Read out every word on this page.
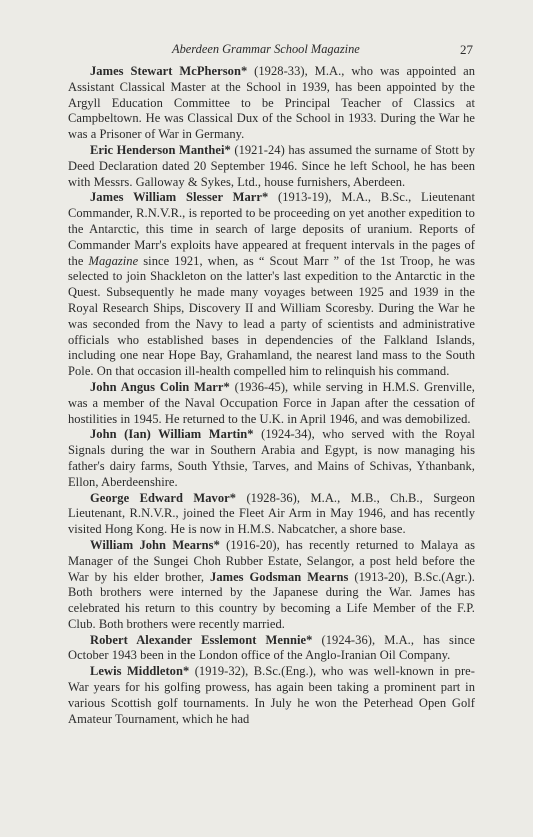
Aberdeen Grammar School Magazine	27

James Stewart McPherson* (1928-33), M.A., who was appointed an Assistant Classical Master at the School in 1939, has been appointed by the Argyll Education Committee to be Principal Teacher of Classics at Campbeltown. He was Classical Dux of the School in 1933. During the War he was a Prisoner of War in Germany.

Eric Henderson Manthei* (1921-24) has assumed the surname of Stott by Deed Declaration dated 20 September 1946. Since he left School, he has been with Messrs. Galloway & Sykes, Ltd., house furnishers, Aberdeen.

James William Slesser Marr* (1913-19), M.A., B.Sc., Lieutenant Commander, R.N.V.R., is reported to be proceeding on yet another expedition to the Antarctic, this time in search of large deposits of uranium. Reports of Commander Marr's exploits have appeared at frequent intervals in the pages of the Magazine since 1921, when, as “ Scout Marr ” of the 1st Troop, he was selected to join Shackleton on the latter's last expedition to the Antarctic in the Quest. Subsequently he made many voyages between 1925 and 1939 in the Royal Research Ships, Discovery II and William Scoresby. During the War he was seconded from the Navy to lead a party of scientists and administrative officials who established bases in dependencies of the Falkland Islands, including one near Hope Bay, Grahamland, the nearest land mass to the South Pole. On that occasion ill-health compelled him to relinquish his command.

John Angus Colin Marr* (1936-45), while serving in H.M.S. Grenville, was a member of the Naval Occupation Force in Japan after the cessation of hostilities in 1945. He returned to the U.K. in April 1946, and was demobilized.

John (Ian) William Martin* (1924-34), who served with the Royal Signals during the war in Southern Arabia and Egypt, is now managing his father's dairy farms, South Ythsie, Tarves, and Mains of Schivas, Ythanbank, Ellon, Aberdeenshire.

George Edward Mavor* (1928-36), M.A., M.B., Ch.B., Surgeon Lieutenant, R.N.V.R., joined the Fleet Air Arm in May 1946, and has recently visited Hong Kong. He is now in H.M.S. Nabcatcher, a shore base.

William John Mearns* (1916-20), has recently returned to Malaya as Manager of the Sungei Choh Rubber Estate, Selangor, a post held before the War by his elder brother, James Godsman Mearns (1913-20), B.Sc.(Agr.). Both brothers were interned by the Japanese during the War. James has celebrated his return to this country by becoming a Life Member of the F.P. Club. Both brothers were recently married.

Robert Alexander Esslemont Mennie* (1924-36), M.A., has since October 1943 been in the London office of the Anglo-Iranian Oil Company.

Lewis Middleton* (1919-32), B.Sc.(Eng.), who was well-known in pre-War years for his golfing prowess, has again been taking a prominent part in various Scottish golf tournaments. In July he won the Peterhead Open Golf Amateur Tournament, which he had
